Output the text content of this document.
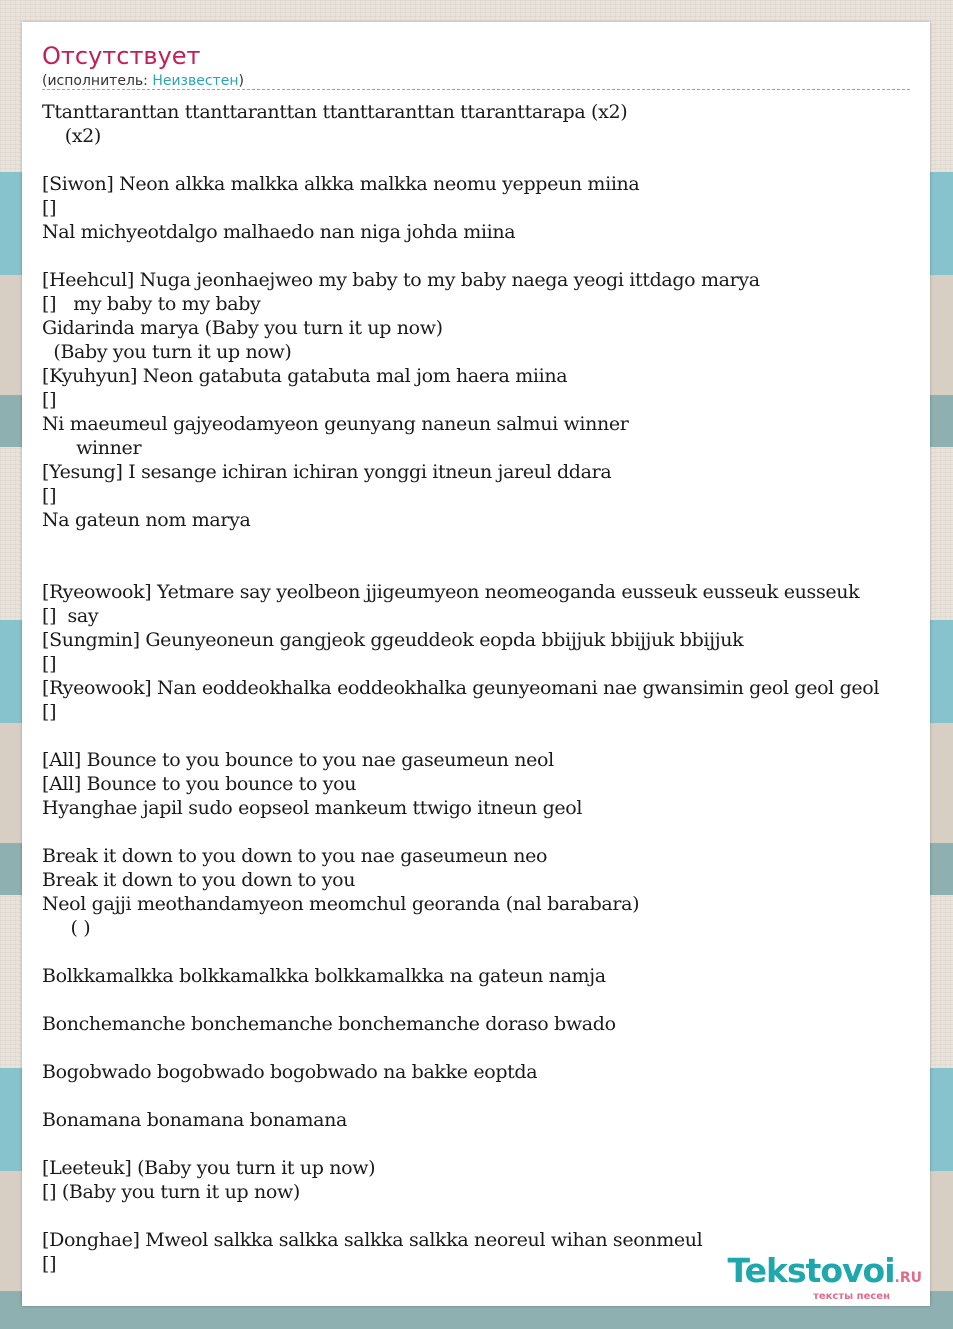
Отсутствует
(исполнитель: Неизвестен)
Ttanttaranttan ttanttaranttan ttanttaranttan ttaranttarapa (x2)
(x2)
[Siwon] Neon alkka malkka alkka malkka neomu yeppeun miina
[]
Nal michyeotdalgo malhaedo nan niga johda miina
[Heehcul] Nuga jeonhaejweo my baby to my baby naega yeogi ittdago marya
[]   my baby to my baby
Gidarinda marya (Baby you turn it up now)
(Baby you turn it up now)
[Kyuhyun] Neon gatabuta gatabuta mal jom haera miina
[]
Ni maeumeul gajyeodamyeon geunyang naneun salmui winner
winner
[Yesung] I sesange ichiran ichiran yonggi itneun jareul ddara
[]
Na gateun nom marya
[Ryeowook] Yetmare say yeolbeon jjigeumyeon neomeoganda eusseuk eusseuk eusseuk
[]  say
[Sungmin] Geunyeoneun gangjeok ggeuddeok eopda bbijjuk bbijjuk bbijjuk
[]
[Ryeowook] Nan eoddeokhalka eoddeokhalka geunyeomani nae gwansimin geol geol geol
[]
[All] Bounce to you bounce to you nae gaseumeun neol
[All] Bounce to you bounce to you
Hyanghae japil sudo eopseol mankeum ttwigo itneun geol
Break it down to you down to you nae gaseumeun neo
Break it down to you down to you
Neol gajji meothandamyeon meomchul georanda (nal barabara)
( )
Bolkkamalkka bolkkamalkka bolkkamalkka na gateun namja
Bonchemanche bonchemanche bonchemanche doraso bwado
Bogobwado bogobwado bogobwado na bakke eoptda
Bonamana bonamana bonamana
[Leeteuk] (Baby you turn it up now)
[] (Baby you turn it up now)
[Donghae] Mweol salkka salkka salkka salkka neoreul wihan seonmeul
[]	Tekstovoi.RU
тексты песен
